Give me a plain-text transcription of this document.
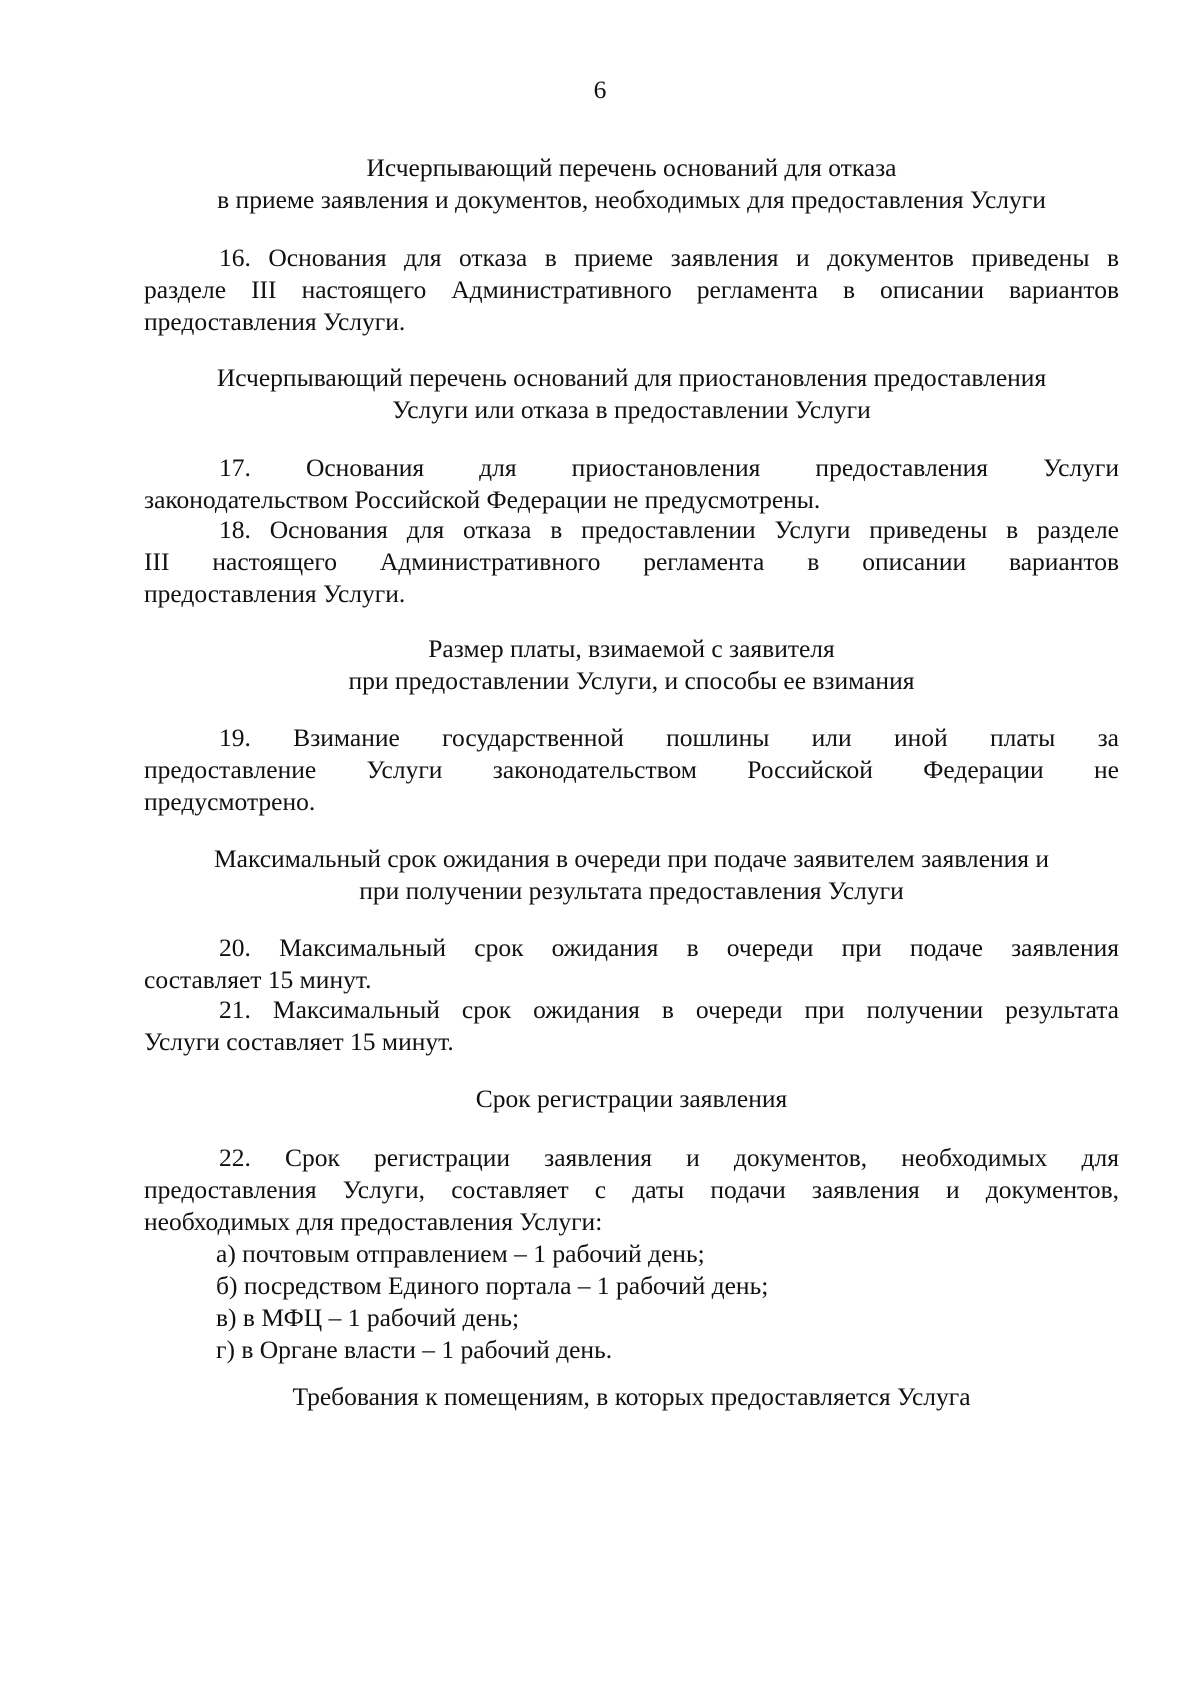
6
Исчерпывающий перечень оснований для отказа
в приеме заявления и документов, необходимых для предоставления Услуги
16. Основания для отказа в приеме заявления и документов приведены в
разделе III настоящего Административного регламента в описании вариантов
предоставления Услуги.
Исчерпывающий перечень оснований для приостановления предоставления
Услуги или отказа в предоставлении Услуги
17. Основания для приостановления предоставления Услуги
законодательством Российской Федерации не предусмотрены.
18. Основания для отказа в предоставлении Услуги приведены в разделе
III настоящего Административного регламента в описании вариантов
предоставления Услуги.
Размер платы, взимаемой с заявителя
при предоставлении Услуги, и способы ее взимания
19. Взимание государственной пошлины или иной платы за
предоставление Услуги законодательством Российской Федерации не
предусмотрено.
Максимальный срок ожидания в очереди при подаче заявителем заявления и
при получении результата предоставления Услуги
20. Максимальный срок ожидания в очереди при подаче заявления
составляет 15 минут.
21. Максимальный срок ожидания в очереди при получении результата
Услуги составляет 15 минут.
Срок регистрации заявления
22. Срок регистрации заявления и документов, необходимых для
предоставления Услуги, составляет с даты подачи заявления и документов,
необходимых для предоставления Услуги:
а) почтовым отправлением – 1 рабочий день;
б) посредством Единого портала – 1 рабочий день;
в) в МФЦ – 1 рабочий день;
г) в Органе власти – 1 рабочий день.
Требования к помещениям, в которых предоставляется Услуга
